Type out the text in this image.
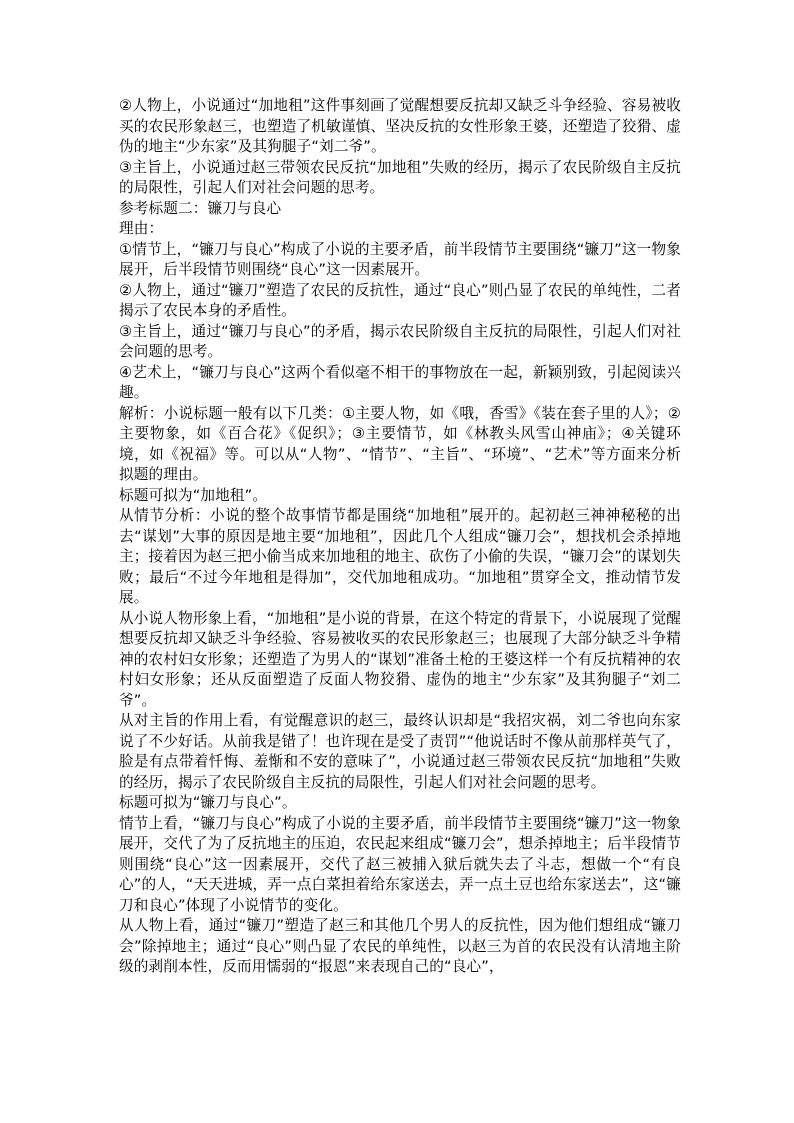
②人物上，小说通过“加地租”这件事刻画了觉醒想要反抗却又缺乏斗争经验、容易被收买的农民形象赵三，也塑造了机敏谨慎、坚决反抗的女性形象王婆，还塑造了狡猾、虚伪的地主“少东家”及其狗腿子“刘二爷”。

③主旨上，小说通过赵三带领农民反抗“加地租”失败的经历，揭示了农民阶级自主反抗的局限性，引起人们对社会问题的思考。

参考标题二：镰刀与良心

理由：

①情节上，“镰刀与良心”构成了小说的主要矛盾，前半段情节主要围绕“镰刀”这一物象展开，后半段情节则围绕“良心”这一因素展开。

②人物上，通过“镰刀”塑造了农民的反抗性，通过“良心”则凸显了农民的单纯性，二者揭示了农民本身的矛盾性。

③主旨上，通过“镰刀与良心”的矛盾，揭示农民阶级自主反抗的局限性，引起人们对社会问题的思考。

④艺术上，“镰刀与良心”这两个看似毫不相干的事物放在一起，新颖别致，引起阅读兴趣。

解析：小说标题一般有以下几类：①主要人物，如《哦，香雪》《装在套子里的人》；②主要物象，如《百合花》《促织》；③主要情节，如《林教头风雪山神庙》；④关键环境，如《祝福》等。可以从“人物”、“情节”、“主旨”、“环境”、“艺术”等方面来分析拟题的理由。

标题可拟为“加地租”。

从情节分析：小说的整个故事情节都是围绕“加地租”展开的。起初赵三神神秘秘的出去“谋划”大事的原因是地主要“加地租”，因此几个人组成“镰刀会”，想找机会杀掉地主；接着因为赵三把小偷当成来加地租的地主、砍伤了小偷的失误，“镰刀会”的谋划失败；最后“不过今年地租是得加”，交代加地租成功。“加地租”贯穿全文，推动情节发展。

从小说人物形象上看，“加地租”是小说的背景，在这个特定的背景下，小说展现了觉醒想要反抗却又缺乏斗争经验、容易被收买的农民形象赵三；也展现了大部分缺乏斗争精神的农村妇女形象；还塑造了为男人的“谋划”准备土枪的王婆这样一个有反抗精神的农村妇女形象；还从反面塑造了反面人物狡猾、虚伪的地主“少东家”及其狗腿子“刘二爷”。

从对主旨的作用上看，有觉醒意识的赵三，最终认识却是“我招灾祸，刘二爷也向东家说了不少好话。从前我是错了！也许现在是受了责罚”“他说话时不像从前那样英气了，脸是有点带着忏悔、羞惭和不安的意味了”，小说通过赵三带领农民反抗“加地租”失败的经历，揭示了农民阶级自主反抗的局限性，引起人们对社会问题的思考。

标题可拟为“镰刀与良心”。

情节上看，“镰刀与良心”构成了小说的主要矛盾，前半段情节主要围绕“镰刀”这一物象展开，交代了为了反抗地主的压迫，农民起来组成“镰刀会”，想杀掉地主；后半段情节则围绕“良心”这一因素展开，交代了赵三被捕入狱后就失去了斗志，想做一个“有良心”的人，“天天进城，弄一点白菜担着给东家送去，弄一点土豆也给东家送去”，这“镰刀和良心”体现了小说情节的变化。

从人物上看，通过“镰刀”塑造了赵三和其他几个男人的反抗性，因为他们想组成“镰刀会”除掉地主；通过“良心”则凸显了农民的单纯性，以赵三为首的农民没有认清地主阶级的剥削本性，反而用懦弱的“报恩”来表现自己的“良心”，
